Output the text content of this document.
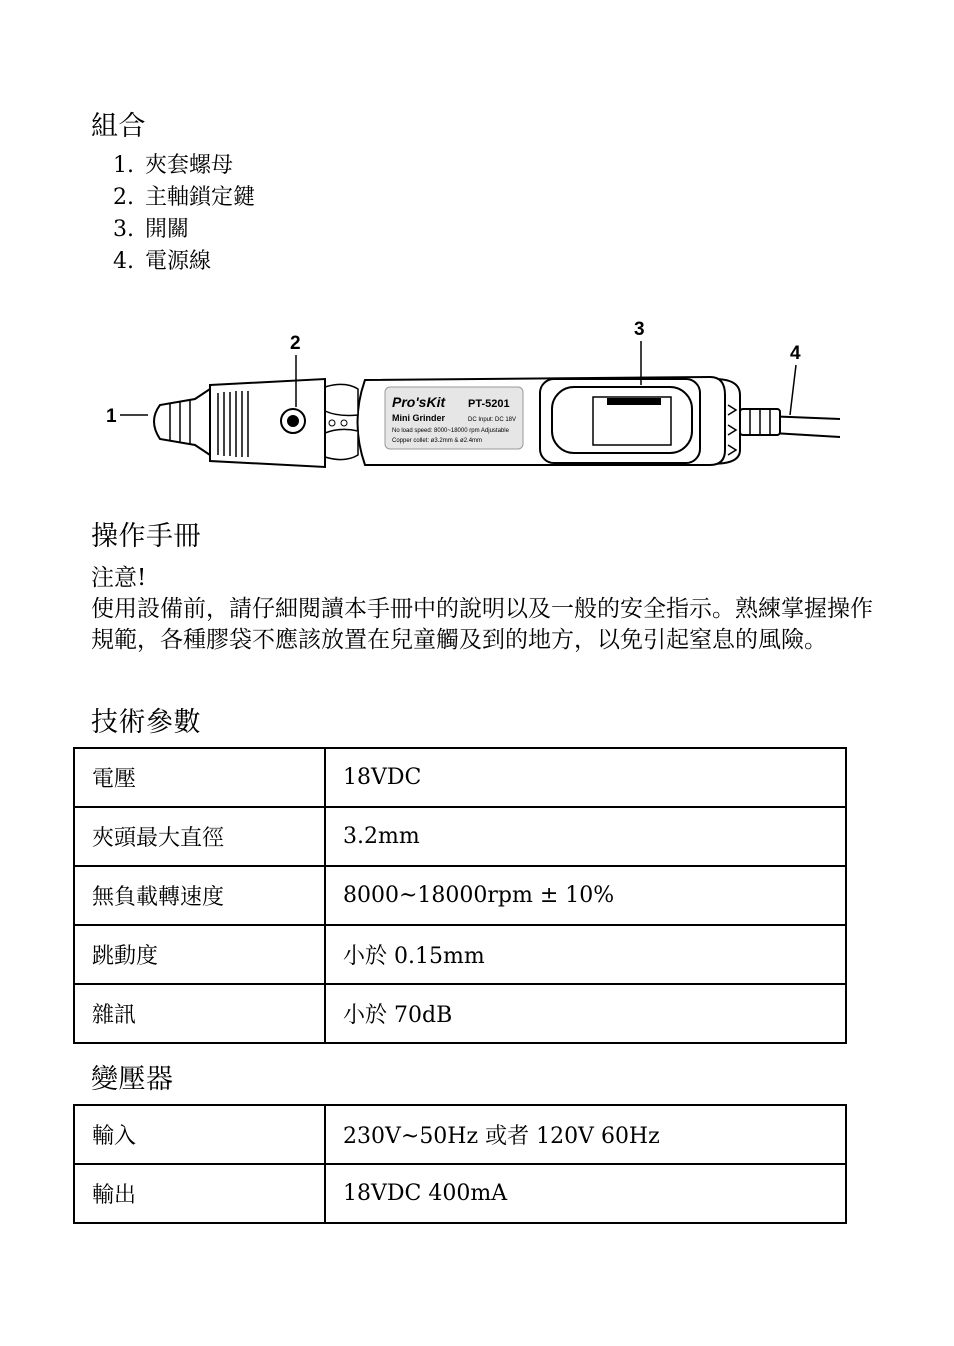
組合
1. 夾套螺母
2. 主軸鎖定鍵
3. 開關
4. 電源線
1
2
3
4
Pro'sKit PT-5201
Mini Grinder	DC Input: DC 18V
No load speed: 8000~18000 rpm Adjustable
Copper collet: ø3.2mm & ø2.4mm
操作手冊

注意!

使用設備前，請仔細閱讀本手冊中的說明以及一般的安全指示。熟練掌握操作規範，各種膠袋不應該放置在兒童觸及到的地方，以免引起窒息的風險。

技術參數
電壓	18VDC
夾頭最大直徑	3.2mm
無負載轉速度	8000~18000rpm ± 10%
跳動度	小於 0.15mm
雜訊	小於 70dB
變壓器
輸入	230V~50Hz 或者 120V 60Hz
輸出	18VDC 400mA
